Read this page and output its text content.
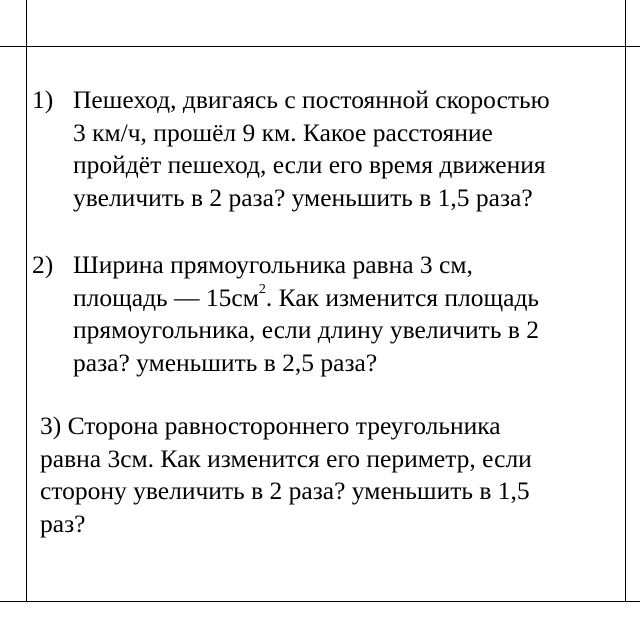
1) Пешеход, двигаясь с постоянной скоростью
3 км/ч, прошёл 9 км. Какое расстояние
пройдёт пешеход, если его время движения
увеличить в 2 раза? уменьшить в 1,5 раза?
2) Ширина прямоугольника равна 3 см,
площадь — $15см^2$. Как изменится площадь
прямоугольника, если длину увеличить в 2
раза? уменьшить в 2,5 раза?
3) Сторона равностороннего треугольника
равна 3см. Как изменится его периметр, если
сторону увеличить в 2 раза? уменьшить в 1,5
раз?
